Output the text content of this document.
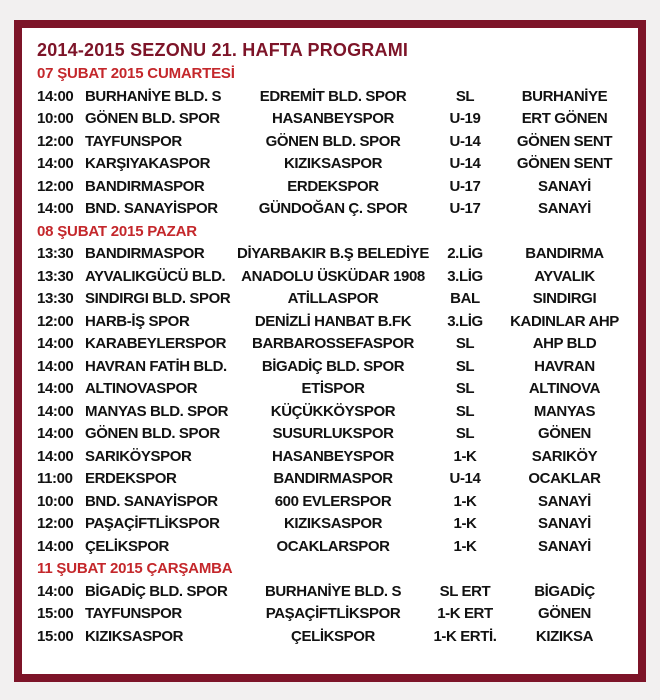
2014-2015 SEZONU 21. HAFTA PROGRAMI
07 ŞUBAT 2015 CUMARTESİ
14:00 BURHANİYE BLD. S	EDREMİT BLD. SPOR	SL	BURHANİYE
10:00 GÖNEN BLD. SPOR	HASANBEYSPOR	U-19	ERT GÖNEN
12:00 TAYFUNSPOR	GÖNEN BLD. SPOR	U-14	GÖNEN SENT
14:00 KARŞIYAKASPOR	KIZIKSASPOR	U-14	GÖNEN SENT
12:00 BANDIRMASPOR	ERDEKSPOR	U-17	SANAYİ
14:00 BND. SANAYİSPOR	GÜNDOĞAN Ç. SPOR	U-17	SANAYİ
08 ŞUBAT 2015 PAZAR
13:30 BANDIRMASPOR	DİYARBAKIR B.Ş BELEDİYE	2.LİG	BANDIRMA
13:30 AYVALIKGÜCÜ BLD.	ANADOLU ÜSKÜDAR 1908	3.LİG	AYVALIK
13:30 SINDIRGI BLD. SPOR	ATİLLASPOR	BAL	SINDIRGI
12:00 HARB-İŞ SPOR	DENİZLİ HANBAT B.FK	3.LİG	KADINLAR AHP
14:00 KARABEYLERSPOR	BARBAROSSEFASPOR	SL	AHP BLD
14:00 HAVRAN FATİH BLD.	BİGADİÇ BLD. SPOR	SL	HAVRAN
14:00 ALTINOVASPOR	ETİSPOR	SL	ALTINOVA
14:00 MANYAS BLD. SPOR	KÜÇÜKKÖYSPOR	SL	MANYAS
14:00 GÖNEN BLD. SPOR	SUSURLUKSPOR	SL	GÖNEN
14:00 SARIKÖYSPOR	HASANBEYSPOR	1-K	SARIKÖY
11:00 ERDEKSPOR	BANDIRMASPOR	U-14	OCAKLAR
10:00 BND. SANAYİSPOR	600 EVLERSPOR	1-K	SANAYİ
12:00 PAŞAÇİFTLİKSPOR	KIZIKSASPOR	1-K	SANAYİ
14:00 ÇELİKSPOR	OCAKLARSPOR	1-K	SANAYİ
11 ŞUBAT 2015 ÇARŞAMBA
14:00 BİGADİÇ BLD. SPOR	BURHANİYE BLD. S	SL ERT	BİGADİÇ
15:00 TAYFUNSPOR	PAŞAÇİFTLİKSPOR	1-K ERT	GÖNEN
15:00 KIZIKSASPOR	ÇELİKSPOR	1-K ERTİ.	KIZIKSA
